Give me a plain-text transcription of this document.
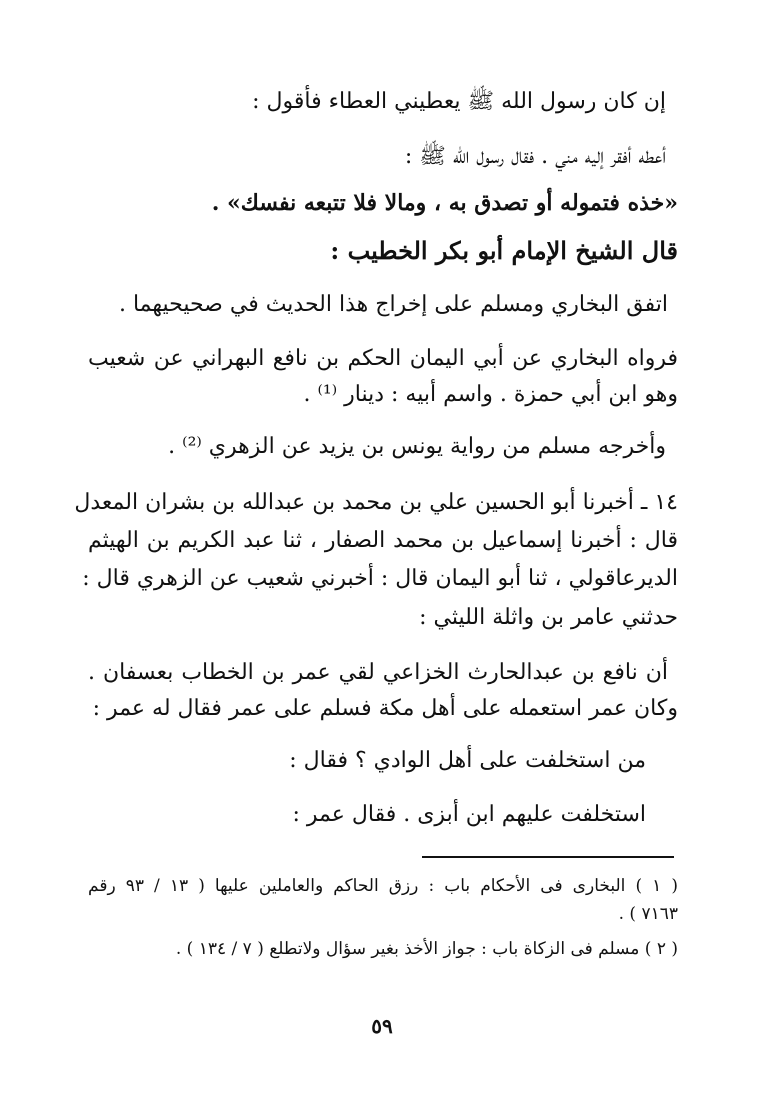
إن كان رسول الله ﷺ يعطيني العطاء فأقول :
أعطه أفقر إليه مني . فقال رسول الله ﷺ :
«خذه فتموله أو تصدق به ، ومالا فلا تتبعه نفسك» .
قال الشيخ الإمام أبو بكر الخطيب :
اتفق البخاري ومسلم على إخراج هذا الحديث في صحيحيهما .
فرواه البخاري عن أبي اليمان الحكم بن نافع البهراني عن شعيب
وهو ابن أبي حمزة . واسم أبيه : دينار ⁽¹⁾ .
وأخرجه مسلم من رواية يونس بن يزيد عن الزهري ⁽²⁾ .
١٤ ـ أخبرنا أبو الحسين علي بن محمد بن عبدالله بن بشران المعدل
قال : أخبرنا إسماعيل بن محمد الصفار ، ثنا عبد الكريم بن الهيثم
الديرعاقولي ، ثنا أبو اليمان قال : أخبرني شعيب عن الزهري قال :
حدثني عامر بن واثلة الليثي :
أن نافع بن عبدالحارث الخزاعي لقي عمر بن الخطاب بعسفان .
وكان عمر استعمله على أهل مكة فسلم على عمر فقال له عمر :
من استخلفت على أهل الوادي ؟ فقال :
استخلفت عليهم ابن أبزى . فقال عمر :
( ١ ) البخارى فى الأحكام باب : رزق الحاكم والعاملين عليها ( ١٣ / ٩٣ رقم
٧١٦٣ ) .
( ٢ ) مسلم فى الزكاة باب : جواز الأخذ بغير سؤال ولاتطلع ( ٧ / ١٣٤ ) .
٥٩
